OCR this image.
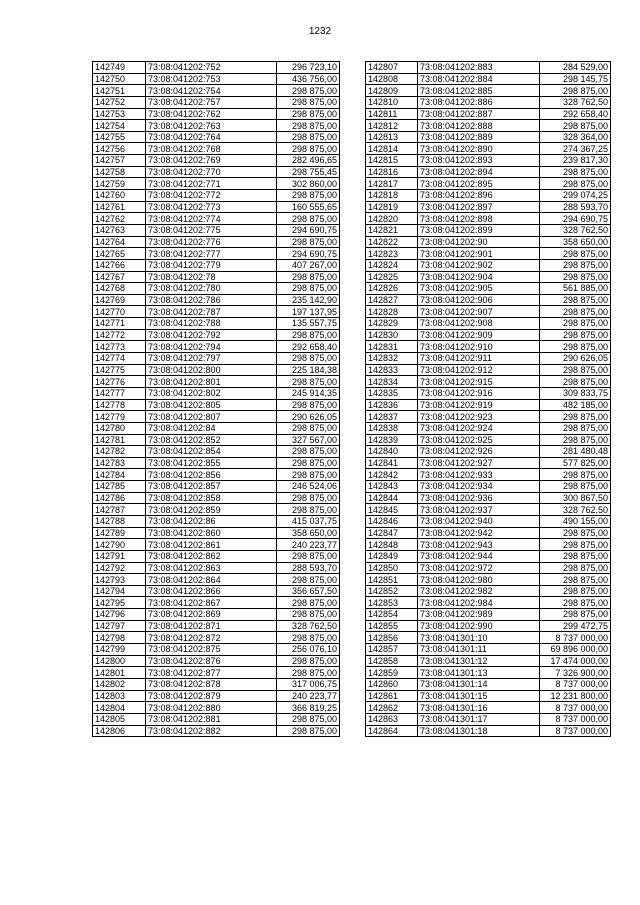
1232
142749	73:08:041202:752	296 723,10
142750	73:08:041202:753	436 756,00
142751	73:08:041202:754	298 875,00
142752	73:08:041202:757	298 875,00
142753	73:08:041202:762	298 875,00
142754	73:08:041202:763	298 875,00
142755	73:08:041202:764	298 875,00
142756	73:08:041202:768	298 875,00
142757	73:08:041202:769	282 496,65
142758	73:08:041202:770	298 755,45
142759	73:08:041202:771	302 860,00
142760	73:08:041202:772	298 875,00
142761	73:08:041202:773	160 555,65
142762	73:08:041202:774	298 875,00
142763	73:08:041202:775	294 690,75
142764	73:08:041202:776	298 875,00
142765	73:08:041202:777	294 690,75
142766	73:08:041202:779	407 267,00
142767	73:08:041202:78	298 875,00
142768	73:08:041202:780	298 875,00
142769	73:08:041202:786	235 142,90
142770	73:08:041202:787	197 137,95
142771	73:08:041202:788	135 557,75
142772	73:08:041202:792	298 875,00
142773	73:08:041202:794	292 658,40
142774	73:08:041202:797	298 875,00
142775	73:08:041202:800	225 184,38
142776	73:08:041202:801	298 875,00
142777	73:08:041202:802	245 914,35
142778	73:08:041202:805	298 875,00
142779	73:08:041202:807	290 626,05
142780	73:08:041202:84	298 875,00
142781	73:08:041202:852	327 567,00
142782	73:08:041202:854	298 875,00
142783	73:08:041202:855	298 875,00
142784	73:08:041202:856	298 875,00
142785	73:08:041202:857	246 524,06
142786	73:08:041202:858	298 875,00
142787	73:08:041202:859	298 875,00
142788	73:08:041202:86	415 037,75
142789	73:08:041202:860	358 650,00
142790	73:08:041202:861	240 223,77
142791	73:08:041202:862	298 875,00
142792	73:08:041202:863	288 593,70
142793	73:08:041202:864	298 875,00
142794	73:08:041202:866	356 657,50
142795	73:08:041202:867	298 875,00
142796	73:08:041202:869	298 875,00
142797	73:08:041202:871	328 762,50
142798	73:08:041202:872	298 875,00
142799	73:08:041202:875	256 076,10
142800	73:08:041202:876	298 875,00
142801	73:08:041202:877	298 875,00
142802	73:08:041202:878	317 006,75
142803	73:08:041202:879	240 223,77
142804	73:08:041202:880	366 819,25
142805	73:08:041202:881	298 875,00
142806	73:08:041202:882	298 875,00
142807	73:08:041202:883	284 529,00
142808	73:08:041202:884	298 145,75
142809	73:08:041202:885	298 875,00
142810	73:08:041202:886	328 762,50
142811	73:08:041202:887	292 658,40
142812	73:08:041202:888	298 875,00
142813	73:08:041202:889	328 364,00
142814	73:08:041202:890	274 367,25
142815	73:08:041202:893	239 817,30
142816	73:08:041202:894	298 875,00
142817	73:08:041202:895	298 875,00
142818	73:08:041202:896	299 074,25
142819	73:08:041202:897	288 593,70
142820	73:08:041202:898	294 690,75
142821	73:08:041202:899	328 762,50
142822	73:08:041202:90	358 650,00
142823	73:08:041202:901	298 875,00
142824	73:08:041202:902	298 875,00
142825	73:08:041202:904	298 875,00
142826	73:08:041202:905	561 885,00
142827	73:08:041202:906	298 875,00
142828	73:08:041202:907	298 875,00
142829	73:08:041202:908	298 875,00
142830	73:08:041202:909	298 875,00
142831	73:08:041202:910	298 875,00
142832	73:08:041202:911	290 626,05
142833	73:08:041202:912	298 875,00
142834	73:08:041202:915	298 875,00
142835	73:08:041202:916	309 833,75
142836	73:08:041202:919	482 185,00
142837	73:08:041202:923	298 875,00
142838	73:08:041202:924	298 875,00
142839	73:08:041202:925	298 875,00
142840	73:08:041202:926	281 480,48
142841	73:08:041202:927	577 825,00
142842	73:08:041202:933	298 875,00
142843	73:08:041202:934	298 875,00
142844	73:08:041202:936	300 867,50
142845	73:08:041202:937	328 762,50
142846	73:08:041202:940	490 155,00
142847	73:08:041202:942	298 875,00
142848	73:08:041202:943	298 875,00
142849	73:08:041202:944	298 875,00
142850	73:08:041202:972	298 875,00
142851	73:08:041202:980	298 875,00
142852	73:08:041202:982	298 875,00
142853	73:08:041202:984	298 875,00
142854	73:08:041202:989	298 875,00
142855	73:08:041202:990	299 472,75
142856	73:08:041301:10	8 737 000,00
142857	73:08:041301:11	69 896 000,00
142858	73:08:041301:12	17 474 000,00
142859	73:08:041301:13	7 326 900,00
142860	73:08:041301:14	8 737 000,00
142861	73:08:041301:15	12 231 800,00
142862	73:08:041301:16	8 737 000,00
142863	73:08:041301:17	8 737 000,00
142864	73:08:041301:18	8 737 000,00
